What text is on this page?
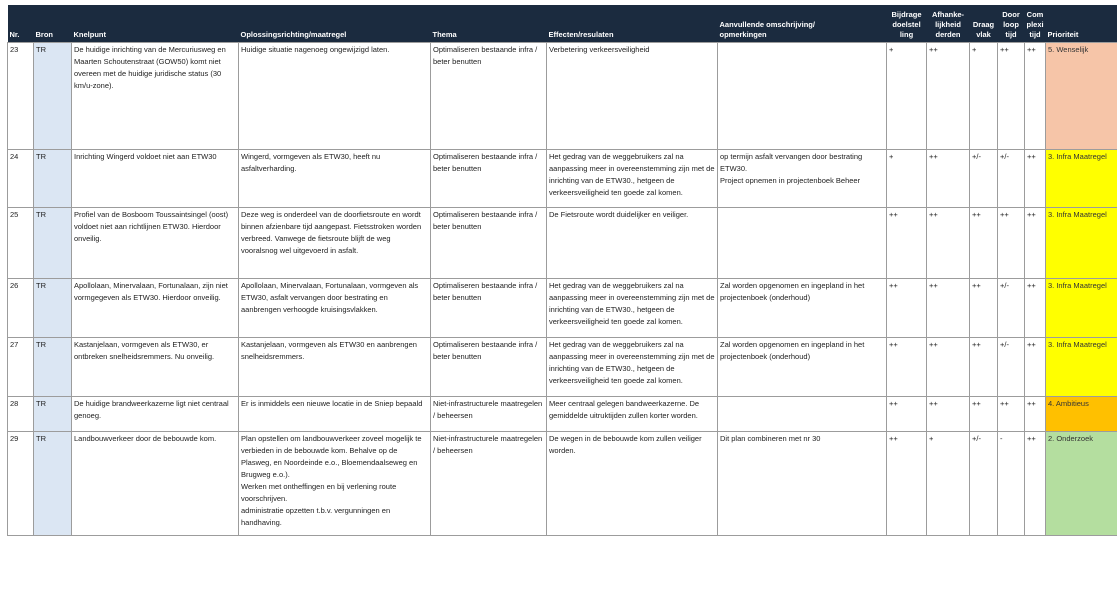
Nr.	Bron	Knelpunt	Oplossingsrichting/maatregel	Thema	Effecten/resulaten	Aanvullende omschrijving/
opmerkingen	Bijdrage
doelstel
ling	Afhanke-
lijkheid
derden	Draag
vlak	Door
loop
tijd	Com
plexi
tijd	Prioriteit
23	TR	De huidige inrichting van de Mercuriusweg en Maarten Schoutenstraat (GOW50) komt niet overeen met de huidige juridische status (30 km/u-zone).	Huidige situatie nagenoeg ongewijzigd laten.	Optimaliseren bestaande infra / beter benutten	Verbetering verkeersveiligheid		+	++	+	++	++	5. Wenselijk
24	TR	Inrichting Wingerd voldoet niet aan ETW30	Wingerd, vormgeven als ETW30, heeft nu asfaltverharding.	Optimaliseren bestaande infra / beter benutten	Het gedrag van de weggebruikers zal na aanpassing meer in overeenstemming zijn met de inrichting van de ETW30., hetgeen de verkeersveiligheid ten goede zal komen.	op termijn asfalt vervangen door bestrating ETW30.
Project opnemen in projectenboek Beheer	+	++	+/-	+/-	++	3. Infra Maatregel
25	TR	Profiel van de Bosboom Toussaintsingel (oost) voldoet niet aan richtlijnen ETW30. Hierdoor onveilig.	Deze weg is onderdeel van de doorfietsroute en wordt binnen afzienbare tijd aangepast. Fietsstroken worden verbreed. Vanwege de fietsroute blijft de weg vooralsnog wel uitgevoerd in asfalt.	Optimaliseren bestaande infra / beter benutten	De Fietsroute wordt duidelijker en veiliger.		++	++	++	++	++	3. Infra Maatregel
26	TR	Apollolaan, Minervalaan, Fortunalaan, zijn niet vormgegeven als ETW30. Hierdoor onveilig.	Apollolaan, Minervalaan, Fortunalaan, vormgeven als ETW30, asfalt vervangen door bestrating en aanbrengen verhoogde kruisingsvlakken.	Optimaliseren bestaande infra / beter benutten	Het gedrag van de weggebruikers zal na aanpassing meer in overeenstemming zijn met de inrichting van de ETW30., hetgeen de verkeersveiligheid ten goede zal komen.	Zal worden opgenomen en ingepland in het projectenboek (onderhoud)	++	++	++	+/-	++	3. Infra Maatregel
27	TR	Kastanjelaan, vormgeven als ETW30, er ontbreken snelheidsremmers. Nu onveilig.	Kastanjelaan, vormgeven als ETW30 en aanbrengen snelheidsremmers.	Optimaliseren bestaande infra / beter benutten	Het gedrag van de weggebruikers zal na aanpassing meer in overeenstemming zijn met de inrichting van de ETW30., hetgeen de verkeersveiligheid ten goede zal komen.	Zal worden opgenomen en ingepland in het projectenboek (onderhoud)	++	++	++	+/-	++	3. Infra Maatregel
28	TR	De huidige brandweerkazerne ligt niet centraal genoeg.	Er is inmiddels een nieuwe locatie in de Sniep bepaald	Niet-infrastructurele maatregelen / beheersen	Meer centraal gelegen bandweerkazerne. De gemiddelde uitruktijden zullen korter worden.		++	++	++	++	++	4. Ambitieus
29	TR	Landbouwverkeer door de bebouwde kom.	Plan opstellen om landbouwverkeer zoveel mogelijk te verbieden in de bebouwde kom. Behalve op de Plasweg, en Noordeinde e.o., Bloemendaalseweg en Brugweg e.o.).
Werken met ontheffingen en bij verlening route voorschrijven.
administratie opzetten t.b.v. vergunningen en handhaving.	Niet-infrastructurele maatregelen / beheersen	De wegen in de bebouwde kom zullen veiliger worden.	Dit plan combineren met nr 30	++	+	+/-	-	++	2. Onderzoek
